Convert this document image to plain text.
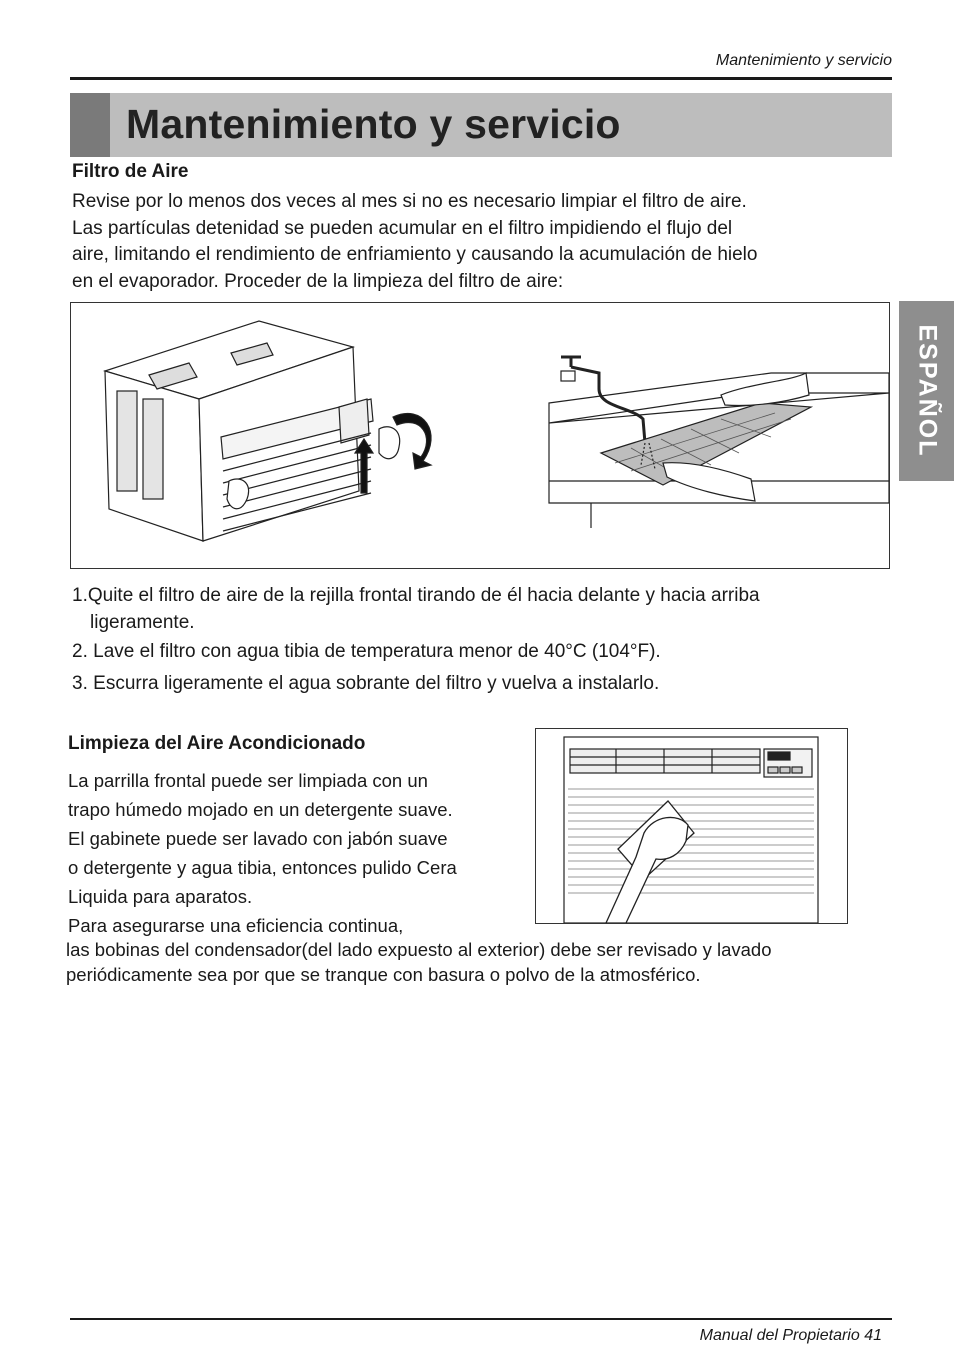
Mantenimiento y servicio
Mantenimiento y servicio
ESPAÑOL
Filtro de Aire
Revise por lo menos dos veces al mes si no es necesario limpiar el filtro de aire.
Las partículas detenidad se pueden acumular en el filtro impidiendo el flujo del
aire, limitando el rendimiento de enfriamiento y causando la acumulación de hielo
en el evaporador. Proceder de la limpieza del filtro de aire:
1.Quite el filtro de aire de la rejilla frontal tirando de él hacia delante y hacia arriba
ligeramente.
2. Lave el filtro con agua tibia de temperatura menor de 40°C (104°F).
3. Escurra ligeramente el agua sobrante del filtro y vuelva a instalarlo.
Limpieza del Aire Acondicionado
La parrilla frontal puede ser limpiada con un
trapo húmedo mojado en un detergente suave.
El gabinete puede ser lavado con jabón suave
o detergente y agua tibia, entonces pulido Cera
Liquida para aparatos.
Para asegurarse una eficiencia continua,
las bobinas del condensador(del lado expuesto al exterior) debe ser revisado y lavado
periódicamente sea por que se tranque con basura o polvo de la atmosférico.
Manual del Propietario 41
